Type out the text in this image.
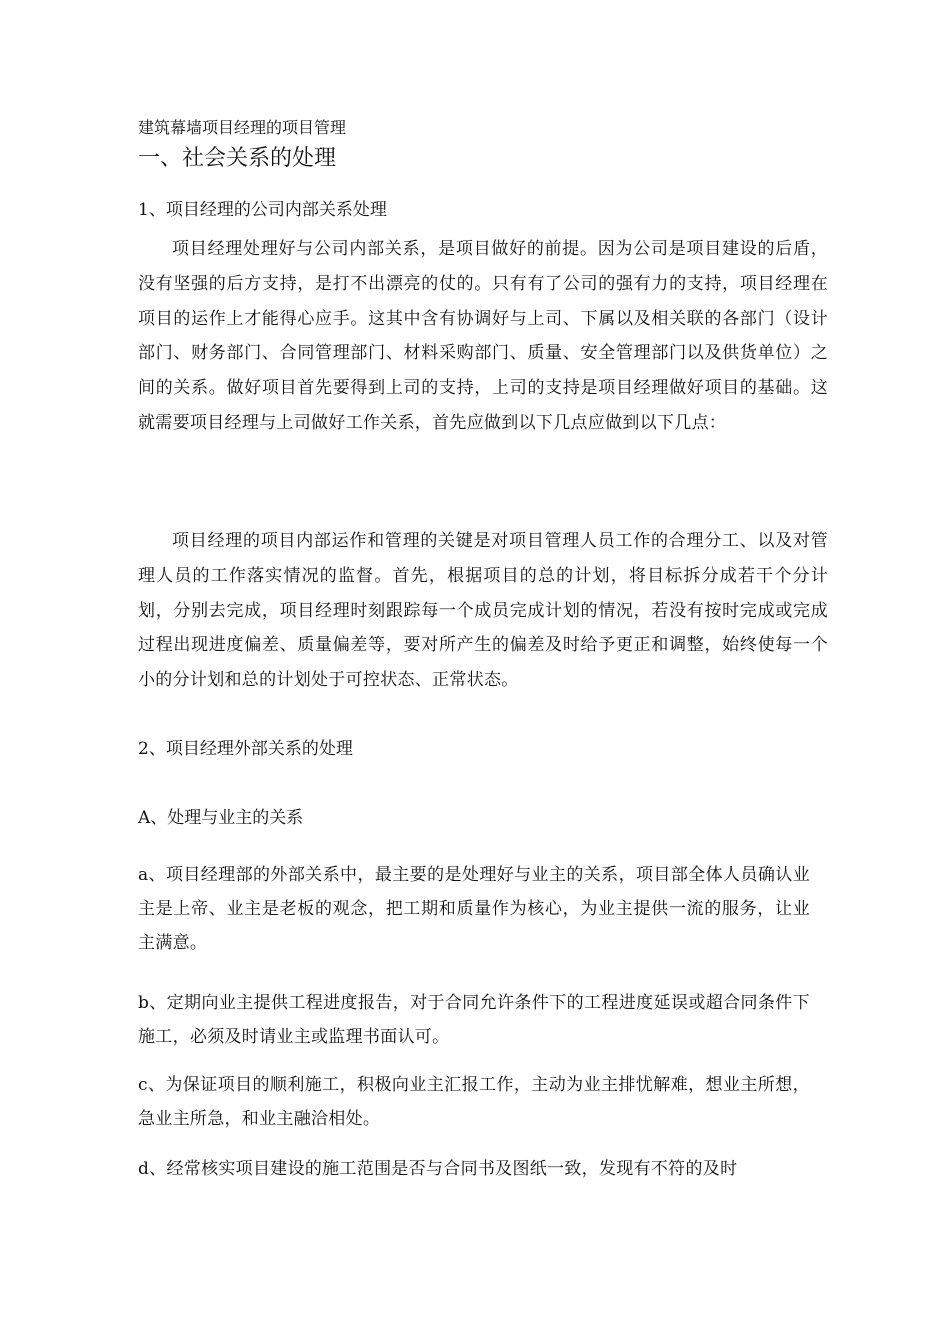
建筑幕墙项目经理的项目管理
一、社会关系的处理
1、项目经理的公司内部关系处理
项目经理处理好与公司内部关系，是项目做好的前提。因为公司是项目建设的后盾，没有坚强的后方支持，是打不出漂亮的仗的。只有有了公司的强有力的支持，项目经理在项目的运作上才能得心应手。这其中含有协调好与上司、下属以及相关联的各部门（设计部门、财务部门、合同管理部门、材料采购部门、质量、安全管理部门以及供货单位）之间的关系。做好项目首先要得到上司的支持，上司的支持是项目经理做好项目的基础。这就需要项目经理与上司做好工作关系，首先应做到以下几点应做到以下几点：
项目经理的项目内部运作和管理的关键是对项目管理人员工作的合理分工、以及对管理人员的工作落实情况的监督。首先，根据项目的总的计划，将目标拆分成若干个分计划，分别去完成，项目经理时刻跟踪每一个成员完成计划的情况，若没有按时完成或完成过程出现进度偏差、质量偏差等，要对所产生的偏差及时给予更正和调整，始终使每一个小的分计划和总的计划处于可控状态、正常状态。
2、项目经理外部关系的处理
A、处理与业主的关系
a、项目经理部的外部关系中，最主要的是处理好与业主的关系，项目部全体人员确认业主是上帝、业主是老板的观念，把工期和质量作为核心，为业主提供一流的服务，让业主满意。
b、定期向业主提供工程进度报告，对于合同允许条件下的工程进度延误或超合同条件下施工，必须及时请业主或监理书面认可。
c、为保证项目的顺利施工，积极向业主汇报工作，主动为业主排忧解难，想业主所想，急业主所急，和业主融洽相处。
d、经常核实项目建设的施工范围是否与合同书及图纸一致，发现有不符的及时
